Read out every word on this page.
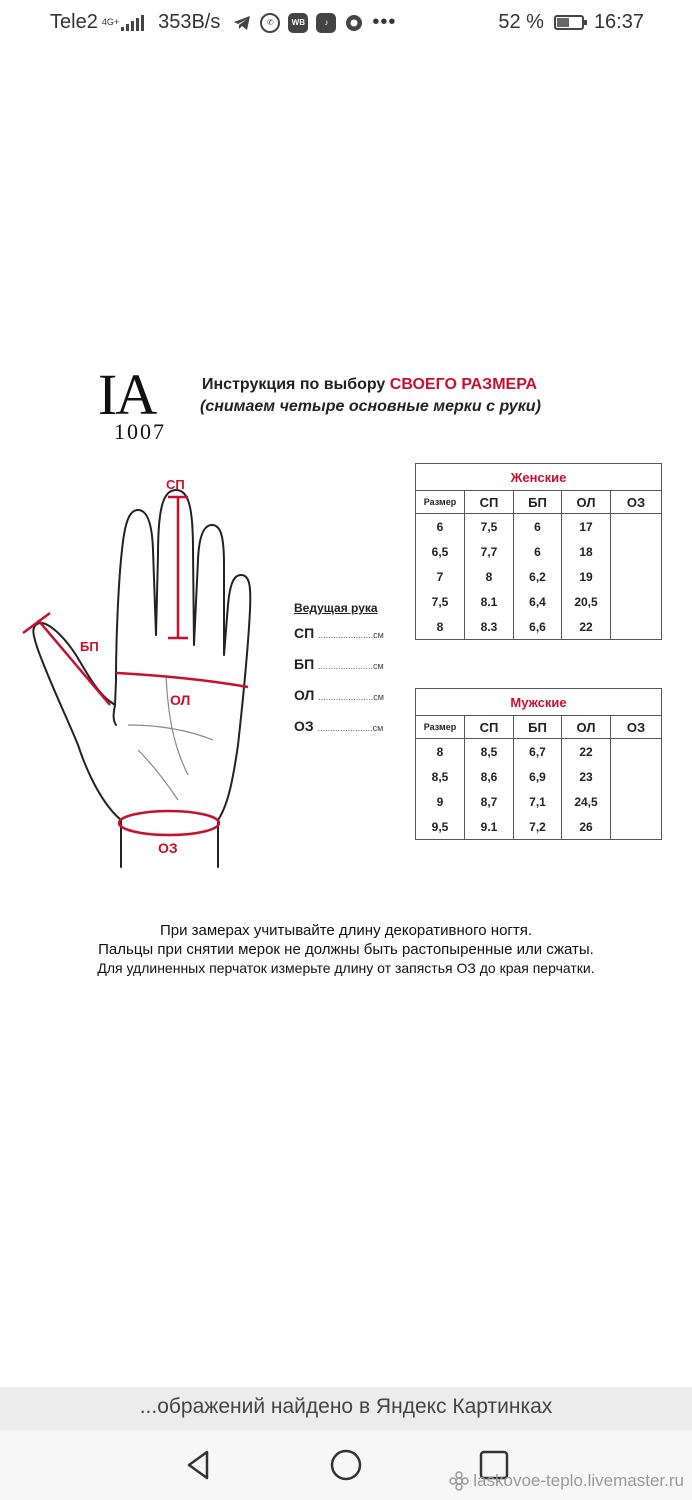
Tele2 4G+ 353B/s	✆	WB	♪	•••	52 %	16:37
IA
1007
Инструкция по выбору СВОЕГО РАЗМЕРА
(снимаем четыре основные мерки с руки)
СП
БП
ОЛ
ОЗ
Ведущая рука
СП ......................см
БП ......................см
ОЛ ......................см
ОЗ ......................см
Женские				
Размер	СП	БП	ОЛ	ОЗ
6	7,5	6	17	
6,5	7,7	6	18	
7	8	6,2	19	
7,5	8.1	6,4	20,5	
8	8.3	6,6	22	
Мужские				
Размер	СП	БП	ОЛ	ОЗ
8	8,5	6,7	22	
8,5	8,6	6,9	23	
9	8,7	7,1	24,5	
9,5	9.1	7,2	26	
При замерах учитывайте длину декоративного ногтя.
Пальцы при снятии мерок не должны быть растопыренные или сжаты.
Для удлиненных перчаток измерьте длину от запястья ОЗ до края перчатки.
...ображений найдено в Яндекс Картинках
laskovoe-teplo.livemaster.ru
